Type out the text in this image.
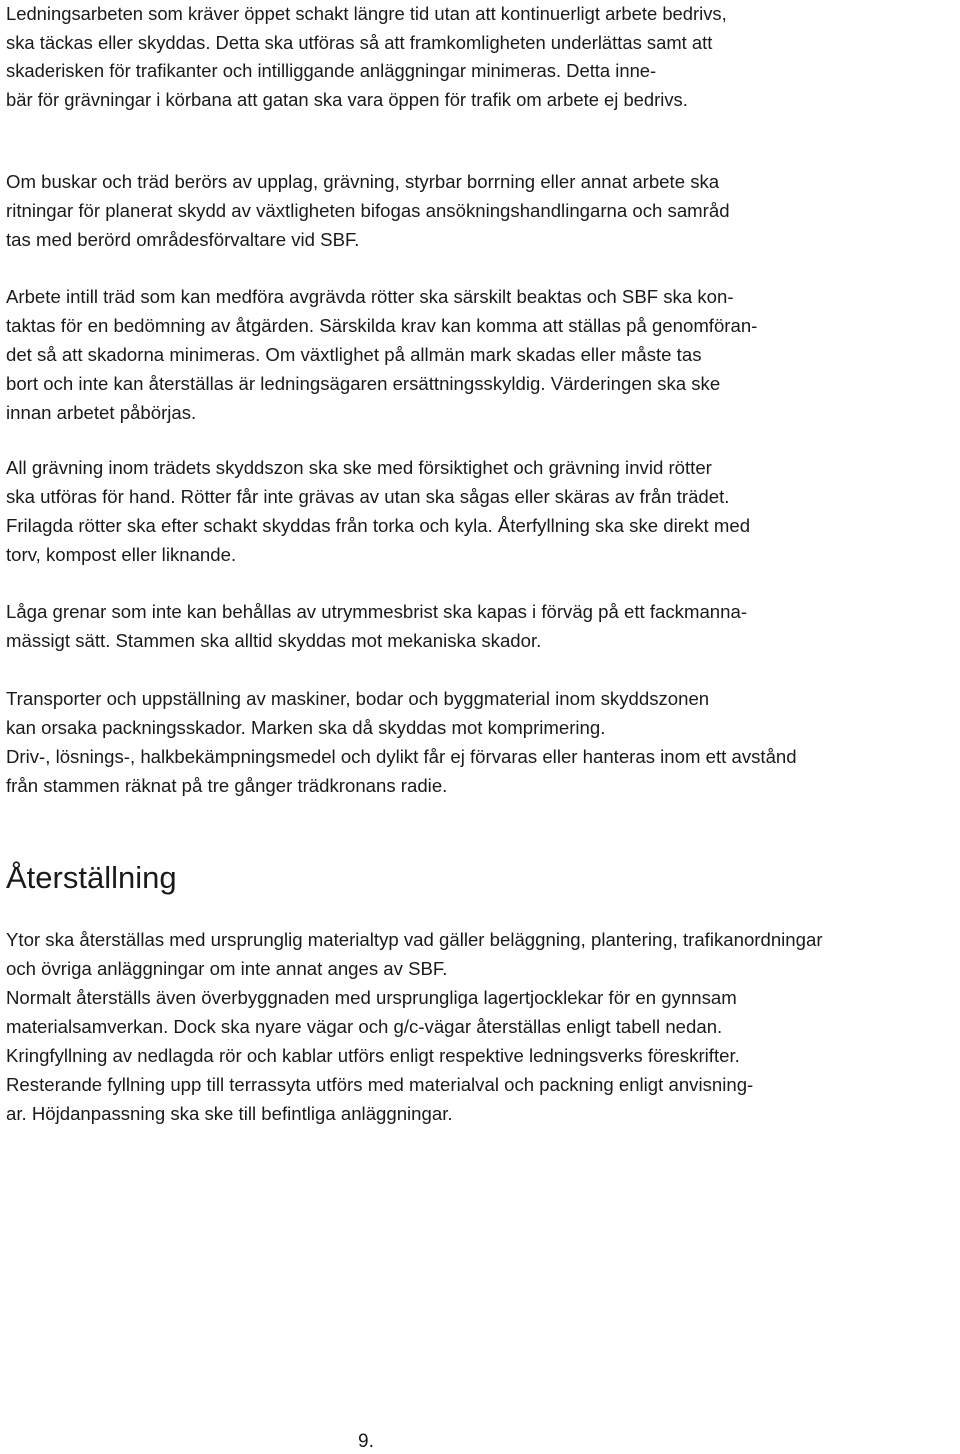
Ledningsarbeten som kräver öppet schakt längre tid utan att kontinuerligt arbete bedrivs,
ska täckas eller skyddas. Detta ska utföras så att framkomligheten underlättas samt att
skaderisken för trafikanter och intilliggande anläggningar minimeras. Detta inne-
bär för grävningar i körbana att gatan ska vara öppen för trafik om arbete ej bedrivs.
Om buskar och träd berörs av upplag, grävning, styrbar borrning eller annat arbete ska
ritningar för planerat skydd av växtligheten bifogas ansökningshandlingarna och samråd
tas med berörd områdesförvaltare vid SBF.
Arbete intill träd som kan medföra avgrävda rötter ska särskilt beaktas och SBF ska kon-
taktas för en bedömning av åtgärden. Särskilda krav kan komma att ställas på genomföran-
det så att skadorna minimeras. Om växtlighet på allmän mark skadas eller måste tas
bort och inte kan återställas är ledningsägaren ersättningsskyldig. Värderingen ska ske
innan arbetet påbörjas.
All grävning inom trädets skyddszon ska ske med försiktighet och grävning invid rötter
ska utföras för hand. Rötter får inte grävas av utan ska sågas eller skäras av från trädet.
Frilagda rötter ska efter schakt skyddas från torka och kyla. Återfyllning ska ske direkt med
torv, kompost eller liknande.
Låga grenar som inte kan behållas av utrymmesbrist ska kapas i förväg på ett fackmanna-
mässigt sätt. Stammen ska alltid skyddas mot mekaniska skador.
Transporter och uppställning av maskiner, bodar och byggmaterial inom skyddszonen
kan orsaka packningsskador. Marken ska då skyddas mot komprimering.
Driv-, lösnings-, halkbekämpningsmedel och dylikt får ej förvaras eller hanteras inom ett avstånd
från stammen räknat på tre gånger trädkronans radie.
Återställning
Ytor ska återställas med ursprunglig materialtyp vad gäller beläggning, plantering, trafikanordningar
och övriga anläggningar om inte annat anges av SBF.
Normalt återställs även överbyggnaden med ursprungliga lagertjocklekar för en gynnsam
materialsamverkan. Dock ska nyare vägar och g/c-vägar återställas enligt tabell nedan.
Kringfyllning av nedlagda rör och kablar utförs enligt respektive ledningsverks föreskrifter.
Resterande fyllning upp till terrassyta utförs med materialval och packning enligt anvisning-
ar. Höjdanpassning ska ske till befintliga anläggningar.
9.
